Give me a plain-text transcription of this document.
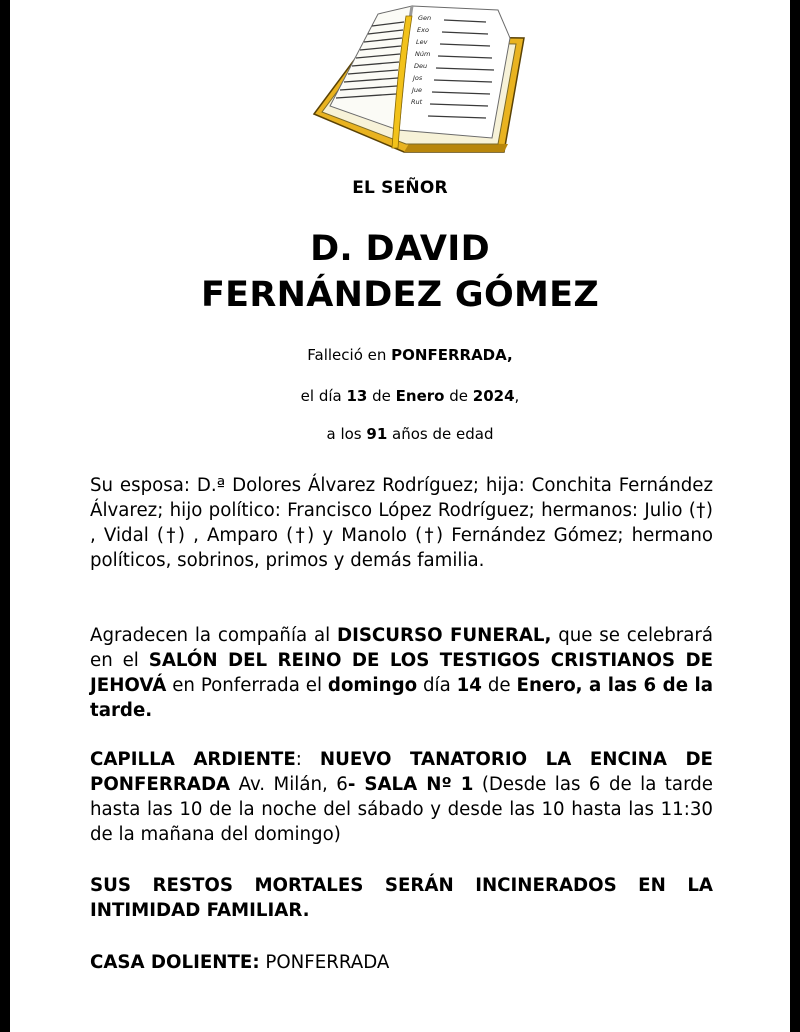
Gen
Exo
Lev
Núm
Deu
Jos
Jue
Rut
EL SEÑOR
D. DAVID
FERNÁNDEZ GÓMEZ
Falleció en PONFERRADA,
el día 13 de Enero de 2024,
a los 91 años de edad
Su esposa: D.ª Dolores Álvarez Rodríguez; hija: Conchita Fernández Álvarez; hijo político: Francisco López Rodríguez; hermanos: Julio (†) , Vidal (†) , Amparo (†) y Manolo (†) Fernández Gómez; hermano políticos, sobrinos, primos y demás familia.
Agradecen la compañía al DISCURSO FUNERAL, que se celebrará en el SALÓN DEL REINO DE LOS TESTIGOS CRISTIANOS DE JEHOVÁ en Ponferrada el domingo día 14 de Enero, a las 6 de la tarde.
CAPILLA ARDIENTE: NUEVO TANATORIO LA ENCINA DE PONFERRADA Av. Milán, 6- SALA Nº 1 (Desde las 6 de la tarde hasta las 10 de la noche del sábado y desde las 10 hasta las 11:30 de la mañana del domingo)
SUS RESTOS MORTALES SERÁN INCINERADOS EN LA INTIMIDAD FAMILIAR.
CASA DOLIENTE: PONFERRADA
